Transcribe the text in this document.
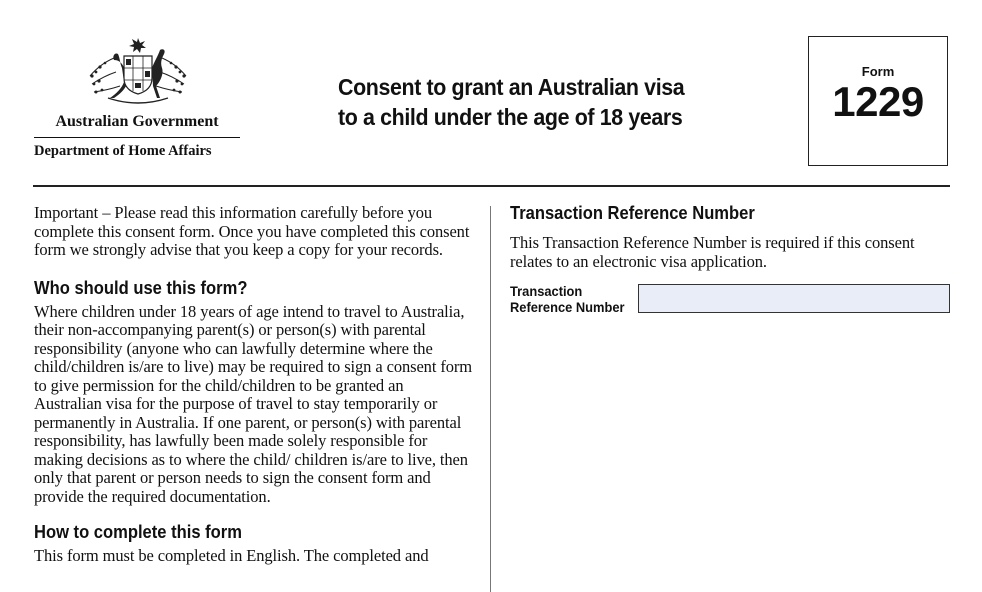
Australian Government
Department of Home Affairs
Consent to grant an Australian visa
to a child under the age of 18 years
Form
1229

Important – Please read this information carefully before you complete this consent form. Once you have completed this consent form we strongly advise that you keep a copy for your records.

Who should use this form?

Where children under 18 years of age intend to travel to Australia, their non-accompanying parent(s) or person(s) with parental responsibility (anyone who can lawfully determine where the child/children is/are to live) may be required to sign a consent form to give permission for the child/children to be granted an Australian visa for the purpose of travel to stay temporarily or permanently in Australia. If one parent, or person(s) with parental responsibility, has lawfully been made solely responsible for making decisions as to where the child/ children is/are to live, then only that parent or person needs to sign the consent form and provide the required documentation.

How to complete this form

This form must be completed in English. The completed and

Transaction Reference Number

This Transaction Reference Number is required if this consent relates to an electronic visa application.

Transaction
Reference Number
